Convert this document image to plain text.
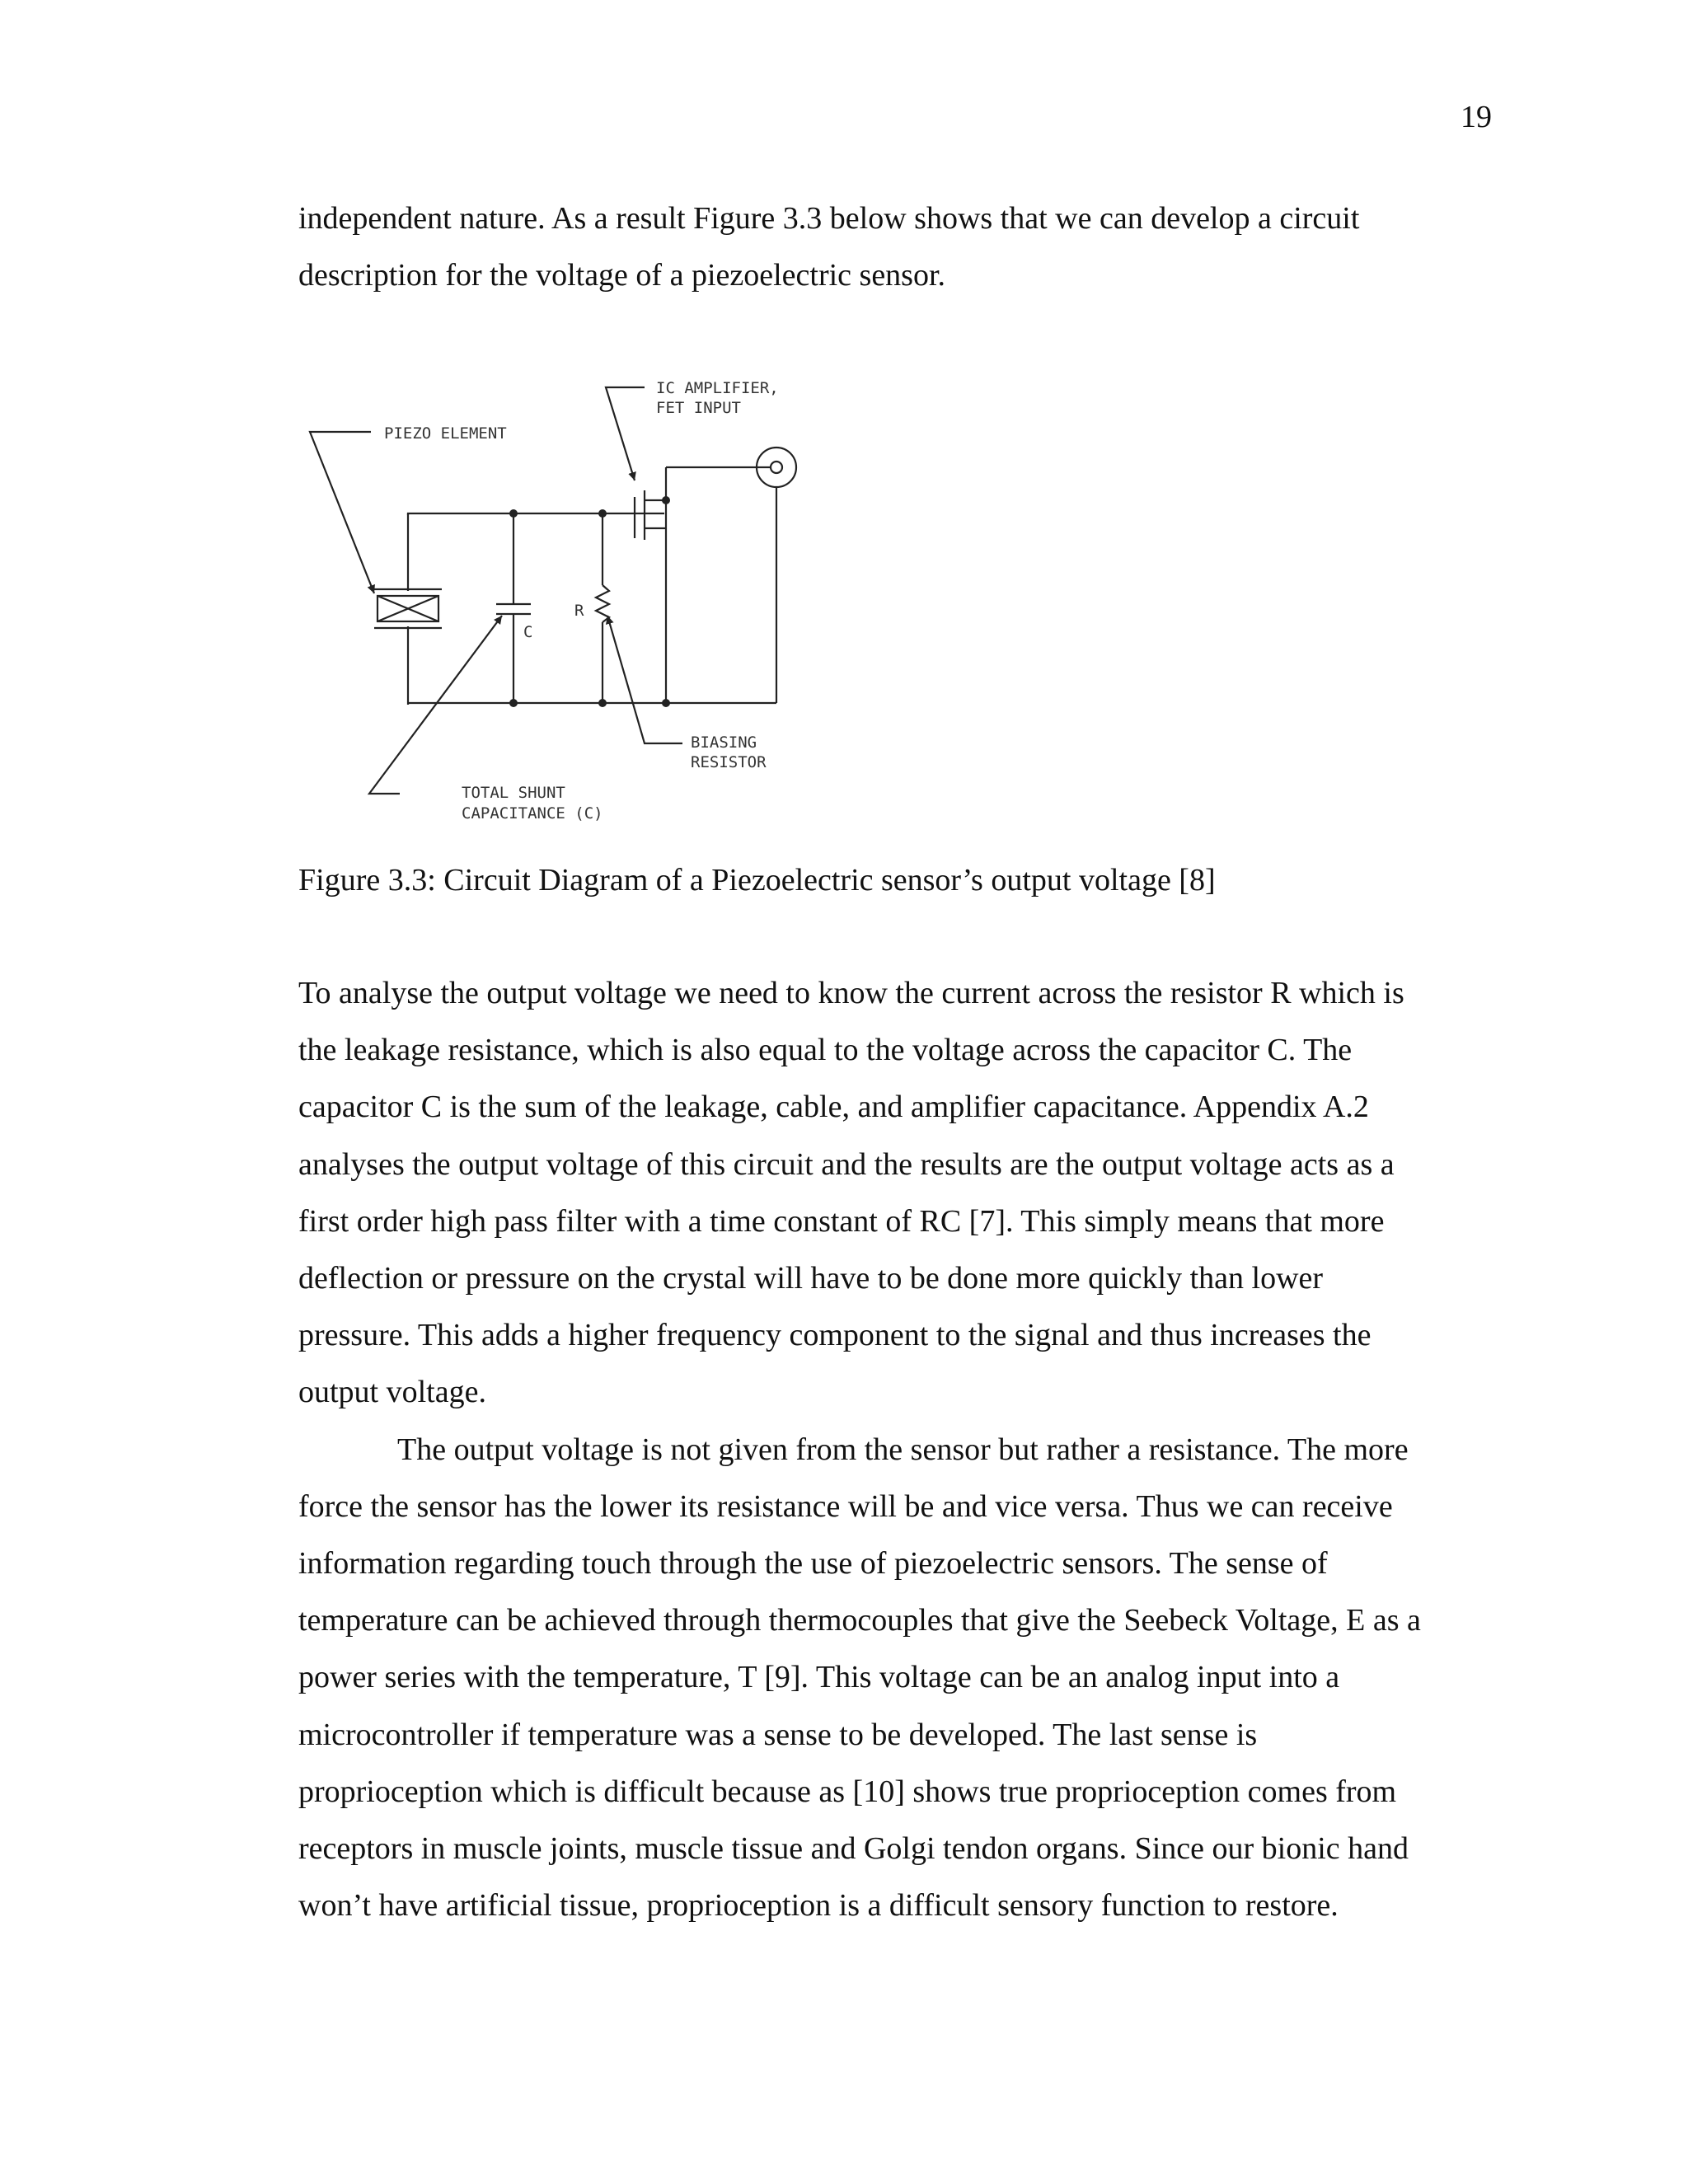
19

independent nature. As a result Figure 3.3 below shows that we can develop a circuit
description for the voltage of a piezoelectric sensor.

IC AMPLIFIER,
FET INPUT
PIEZO ELEMENT
R
C
BIASING
RESISTOR
TOTAL SHUNT
CAPACITANCE (C)
Figure 3.3: Circuit Diagram of a Piezoelectric sensor’s output voltage [8]

To analyse the output voltage we need to know the current across the resistor R which is
the leakage resistance, which is also equal to the voltage across the capacitor C. The
capacitor C is the sum of the leakage, cable, and amplifier capacitance. Appendix A.2
analyses the output voltage of this circuit and the results are the output voltage acts as a
first order high pass filter with a time constant of RC [7]. This simply means that more
deflection or pressure on the crystal will have to be done more quickly than lower
pressure. This adds a higher frequency component to the signal and thus increases the
output voltage.
The output voltage is not given from the sensor but rather a resistance. The more
force the sensor has the lower its resistance will be and vice versa. Thus we can receive
information regarding touch through the use of piezoelectric sensors. The sense of
temperature can be achieved through thermocouples that give the Seebeck Voltage, E as a
power series with the temperature, T [9]. This voltage can be an analog input into a
microcontroller if temperature was a sense to be developed. The last sense is
proprioception which is difficult because as [10] shows true proprioception comes from
receptors in muscle joints, muscle tissue and Golgi tendon organs. Since our bionic hand
won’t have artificial tissue, proprioception is a difficult sensory function to restore.
